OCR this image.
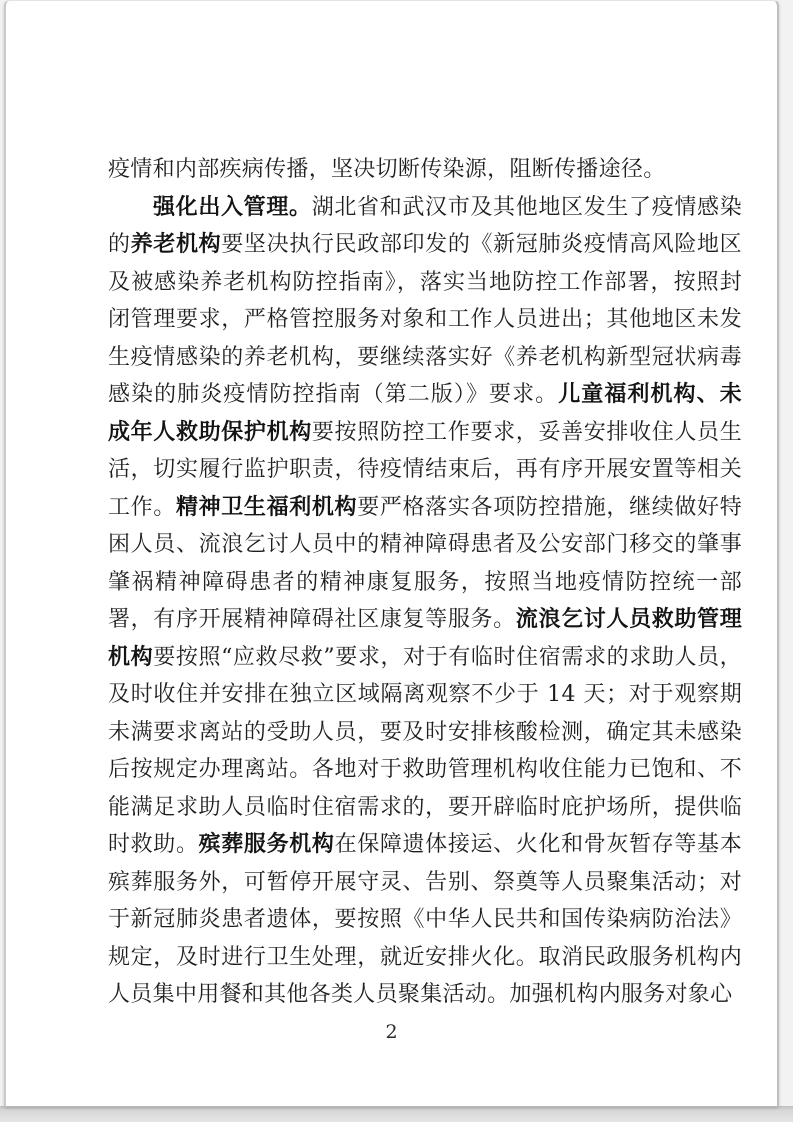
疫情和内部疾病传播，坚决切断传染源，阻断传播途径。

强化出入管理。湖北省和武汉市及其他地区发生了疫情感染的养老机构要坚决执行民政部印发的《新冠肺炎疫情高风险地区及被感染养老机构防控指南》，落实当地防控工作部署，按照封闭管理要求，严格管控服务对象和工作人员进出；其他地区未发生疫情感染的养老机构，要继续落实好《养老机构新型冠状病毒感染的肺炎疫情防控指南（第二版）》要求。儿童福利机构、未成年人救助保护机构要按照防控工作要求，妥善安排收住人员生活，切实履行监护职责，待疫情结束后，再有序开展安置等相关工作。精神卫生福利机构要严格落实各项防控措施，继续做好特困人员、流浪乞讨人员中的精神障碍患者及公安部门移交的肇事肇祸精神障碍患者的精神康复服务，按照当地疫情防控统一部署，有序开展精神障碍社区康复等服务。流浪乞讨人员救助管理机构要按照“应救尽救”要求，对于有临时住宿需求的求助人员，及时收住并安排在独立区域隔离观察不少于 14 天；对于观察期未满要求离站的受助人员，要及时安排核酸检测，确定其未感染后按规定办理离站。各地对于救助管理机构收住能力已饱和、不能满足求助人员临时住宿需求的，要开辟临时庇护场所，提供临时救助。殡葬服务机构在保障遗体接运、火化和骨灰暂存等基本殡葬服务外，可暂停开展守灵、告别、祭奠等人员聚集活动；对于新冠肺炎患者遗体，要按照《中华人民共和国传染病防治法》规定，及时进行卫生处理，就近安排火化。取消民政服务机构内人员集中用餐和其他各类人员聚集活动。加强机构内服务对象心

2
